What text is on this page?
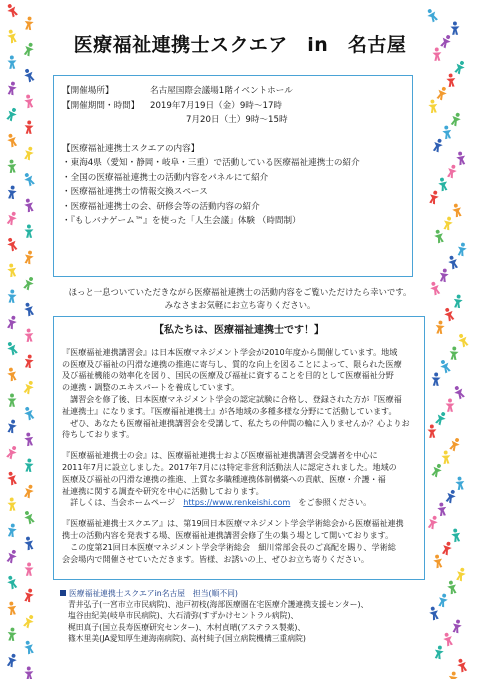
医療福祉連携士スクエア　in　名古屋
【開催場所】	名古屋国際会議場1階イベントホール
【開催期間・時間】	2019年7月19日（金）9時～17時
7月20日（土）9時～15時
【医療福祉連携士スクエアの内容】
・東海4県（愛知・静岡・岐阜・三重）で活動している医療福祉連携士の紹介
・全国の医療福祉連携士の活動内容をパネルにて紹介
・医療福祉連携士の情報交換スペース
・医療福祉連携士の会、研修会等の活動内容の紹介
・『もしバナゲーム™』を使った「人生会議」体験 （時間制）
ほっと一息ついていただきながら医療福祉連携士の活動内容をご覧いただけたら幸いです。
みなさまお気軽にお立ち寄りください。
【私たちは、医療福祉連携士です！】

『医療福祉連携講習会』は日本医療マネジメント学会が2010年度から開催しています。地域

の医療及び福祉の円滑な連携の推進に寄与し、質的な向上を図ることによって、限られた医療

及び福祉機能の効率化を図り、国民の医療及び福祉に資することを目的として医療福祉分野

の連携・調整のエキスパートを養成しています。

　講習会を修了後、日本医療マネジメント学会の認定試験に合格し、登録された方が『医療福

祉連携士』になります。『医療福祉連携士』が各地域の多種多様な分野にて活動しています。

　ぜひ、あなたも医療福祉連携講習会を受講して、私たちの仲間の輪に入りませんか？心よりお

待ちしております。

『医療福祉連携士の会』は、医療福祉連携士および医療福祉連携講習会受講者を中心に

2011年7月に設立しました。2017年7月には特定非営利活動法人に認定されました。地域の

医療及び福祉の円滑な連携の推進、上質な多職種連携体制構築への貢献、医療・介護・福

祉連携に関する調査や研究を中心に活動しております。

　詳しくは、当会ホームページ　https://www.renkeishi.com　をご参照ください。

『医療福祉連携士スクエア』は、第19回日本医療マネジメント学会学術総会から医療福祉連携

携士の活動内容を発表する場、医療福祉連携講習会修了生の集う場として開いております。

　この度第21回日本医療マネジメント学会学術総会　細川常部会長のご高配を賜り、学術総

会会場内で開催させていただきます。皆様、お誘いの上、ぜひお立ち寄りください。

医療福祉連携士スクエアin名古屋　担当(順不同)
青井弘子(一宮市立市民病院)、池戸初枝(海部医療圏在宅医療介護連携支援センター)、
塩谷由紀美(岐阜市民病院)、大石清弥(すずかけセントラル病院)、
梶田真子(国立長寿医療研究センター)、木村貞晴(アステラス製薬)、
篠木里美(JA愛知厚生連海南病院)、高村純子(国立病院機構三重病院)
